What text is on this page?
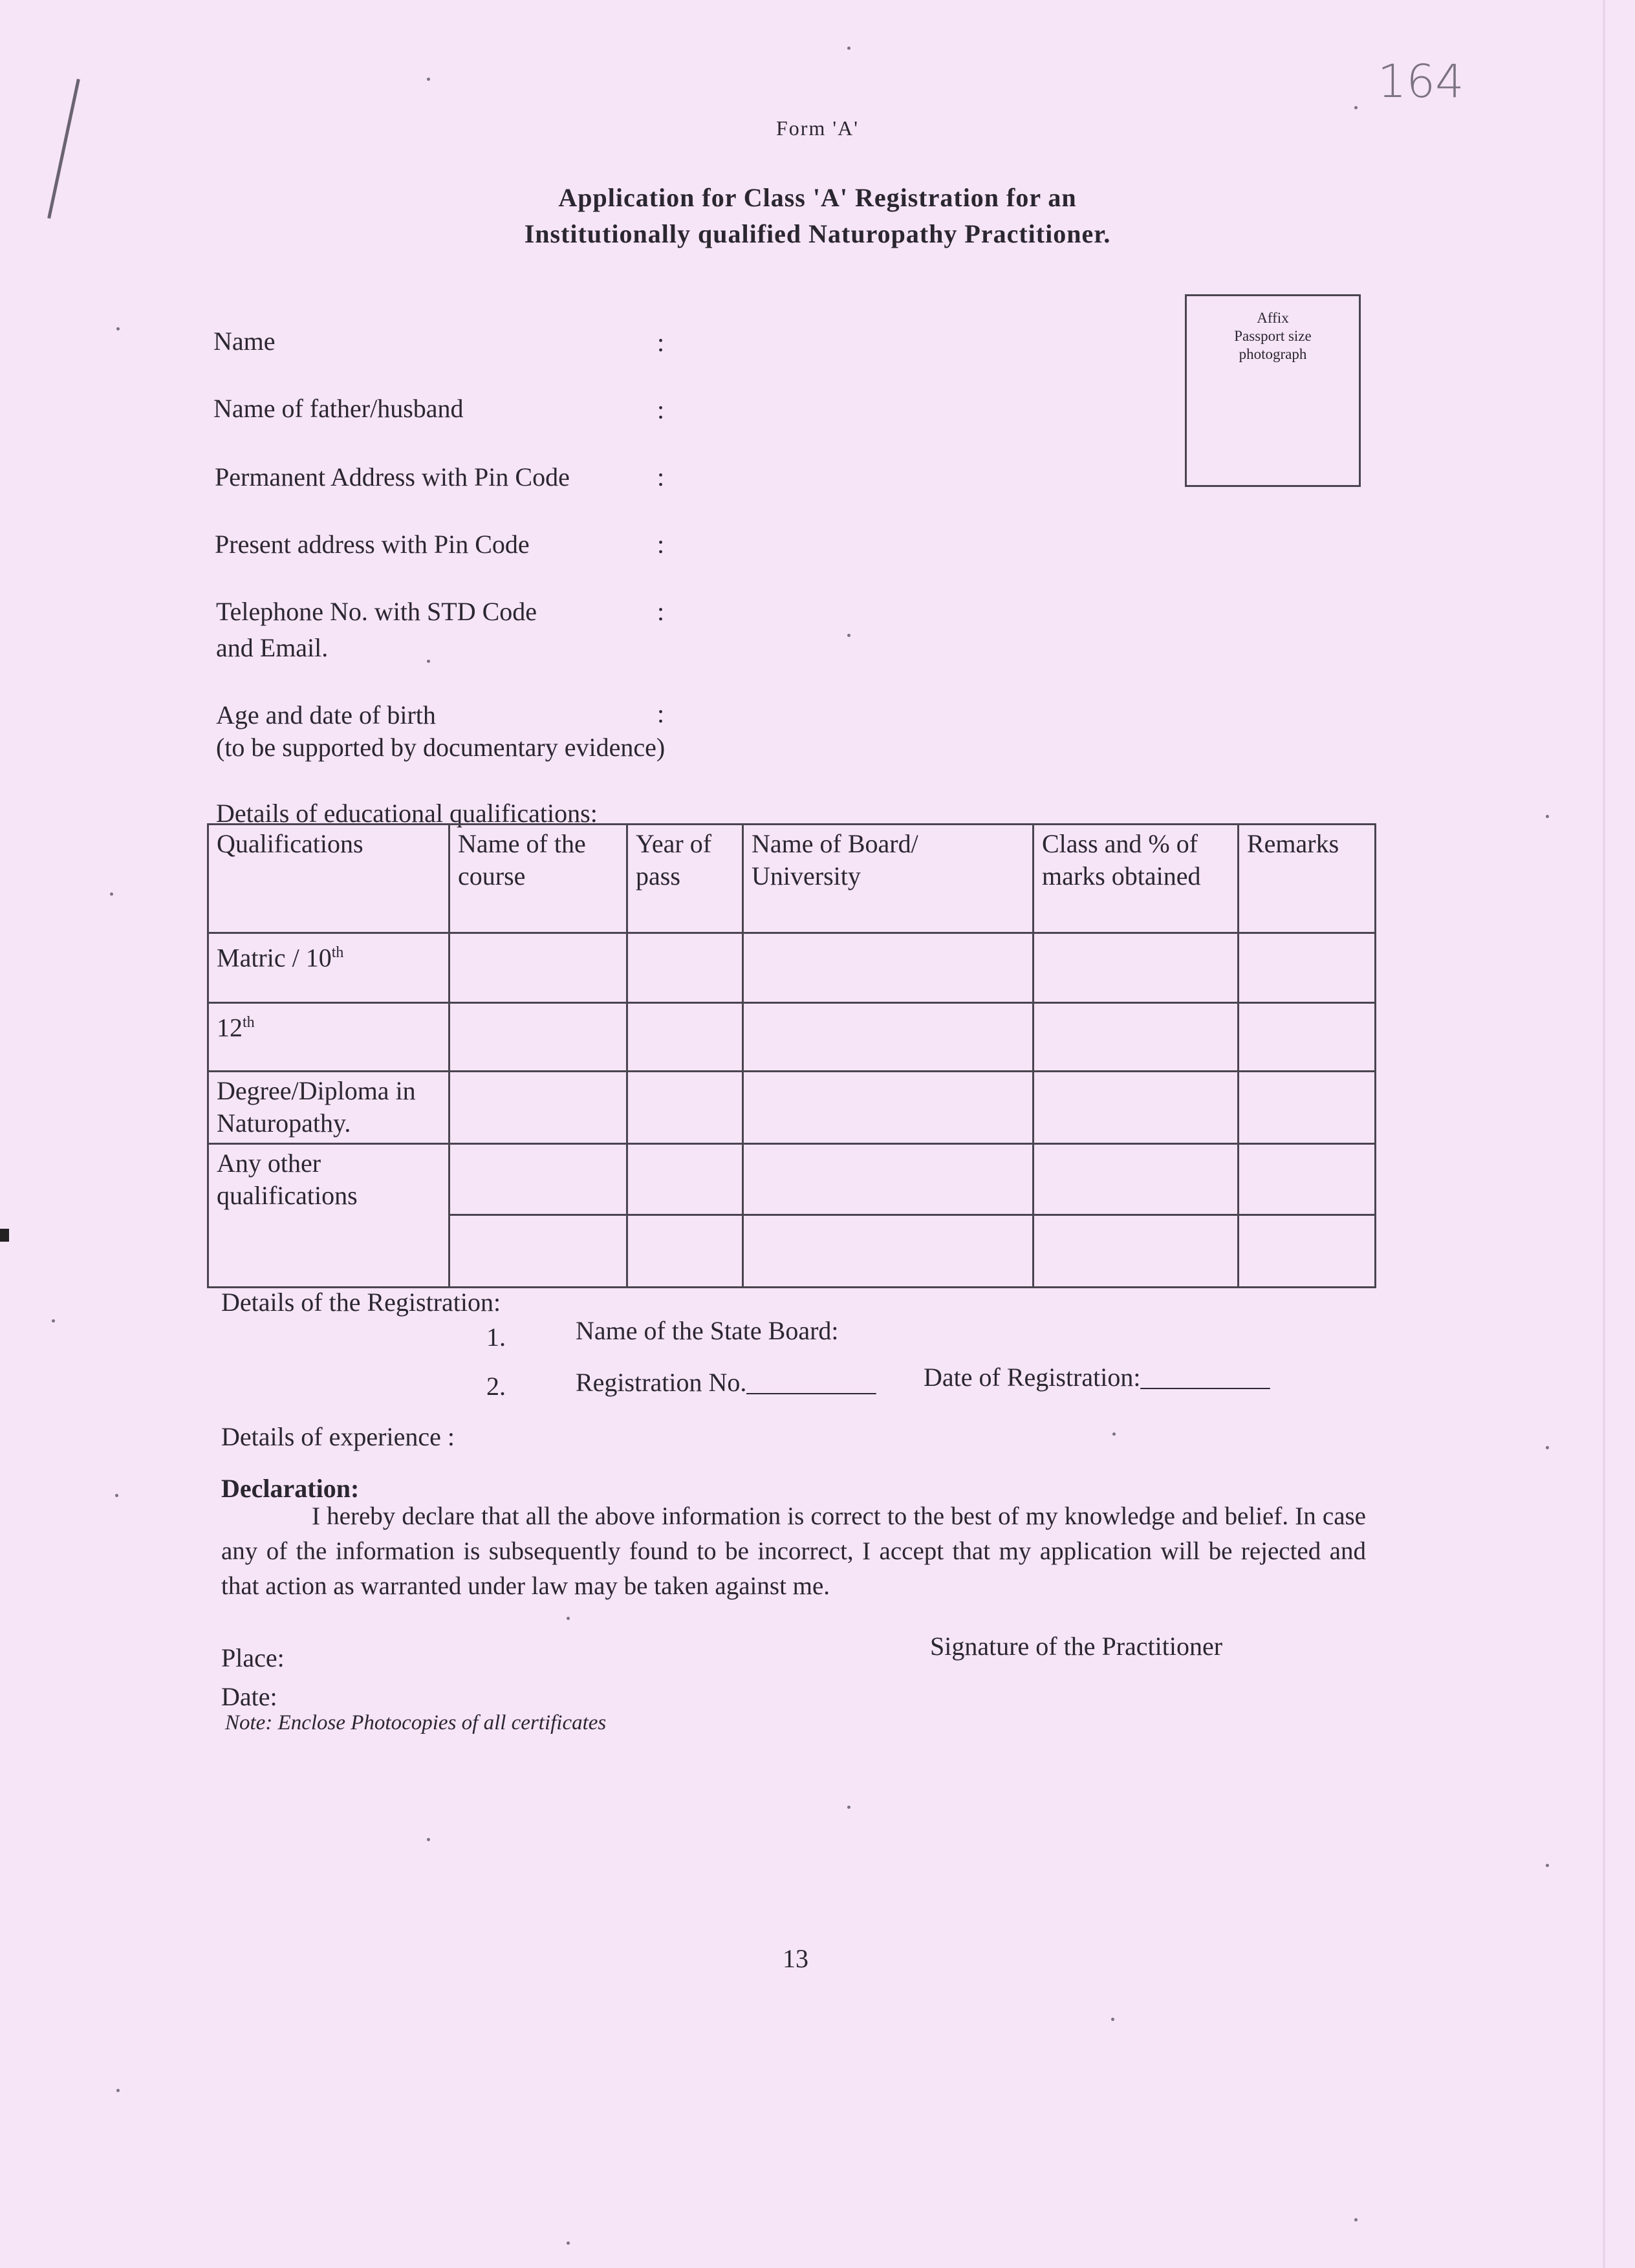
164
Form 'A'
Application for Class 'A' Registration for an
Institutionally qualified Naturopathy Practitioner.
Affix
Passport size
photograph
Name	:
Name of father/husband	:
Permanent Address with Pin Code	:
Present address with Pin Code	:
Telephone No. with STD Code
and Email.
:
Age and date of birth
(to be supported by documentary evidence)
:
Details of educational qualifications:
Qualifications	Name of the course	Year of pass	Name of Board/ University	Class and % of marks obtained	Remarks
Matric / 10th					
12th					
Degree/Diploma in Naturopathy.					
Any other qualifications					

Details of the Registration:
1.	Name of the State Board:
2.	Registration No.__________ Date of Registration:__________
Details of experience :
Declaration:
I hereby declare that all the above information is correct to the best of my knowledge and belief. In case any of the information is subsequently found to be incorrect, I accept that my application will be rejected and that action as warranted under law may be taken against me.
Place:
Date:
Signature of the Practitioner
Note: Enclose Photocopies of all certificates
13
